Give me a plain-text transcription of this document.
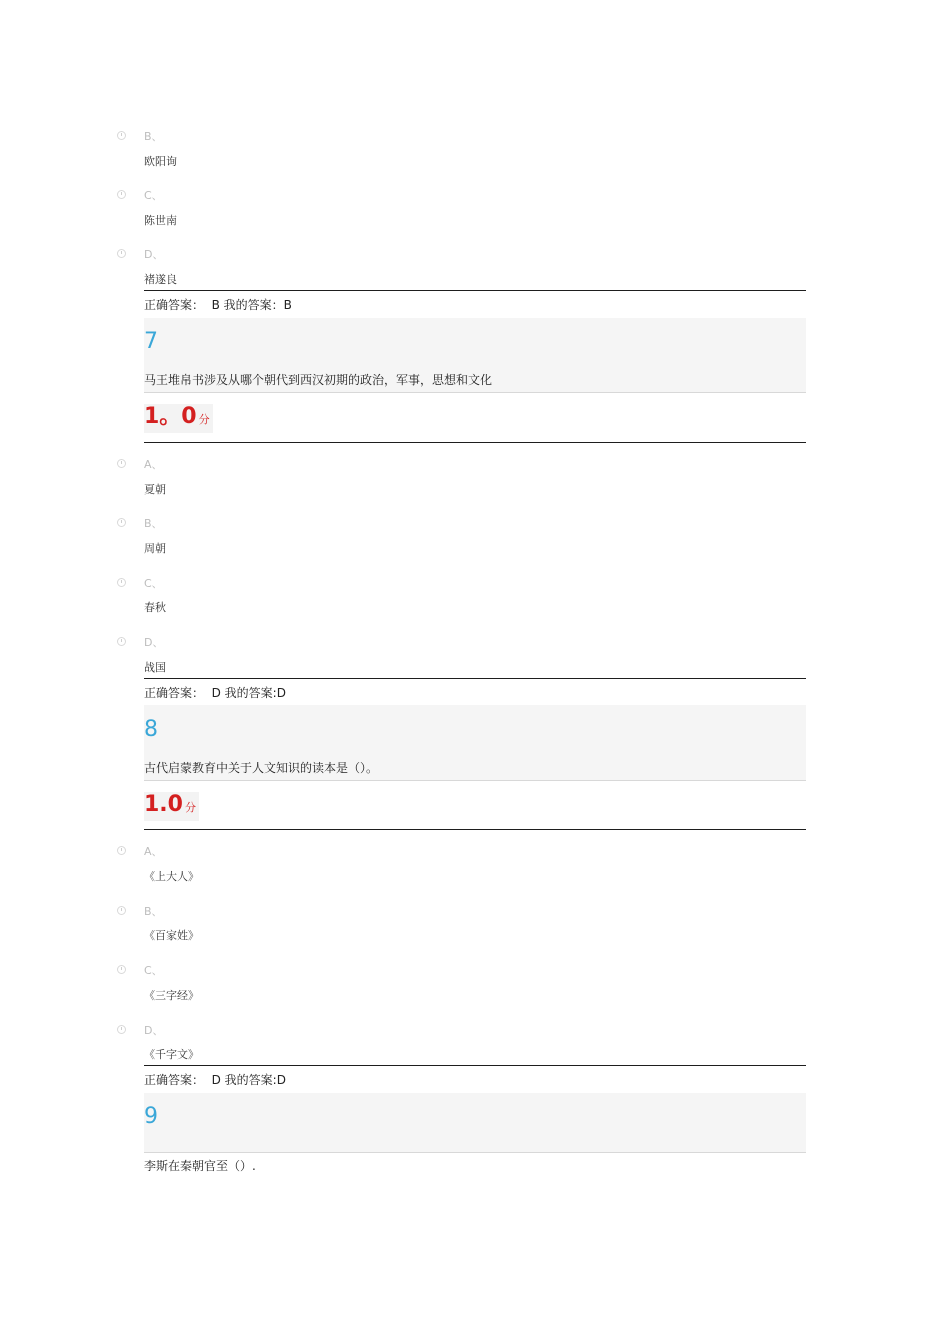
B、
欧阳询
C、
陈世南
D、
褚遂良
正确答案：  B 我的答案：B
7
马王堆帛书涉及从哪个朝代到西汉初期的政治，军事，思想和文化
1。0 分
A、
夏朝
B、
周朝
C、
春秋
D、
战国
正确答案：  D 我的答案:D
8
古代启蒙教育中关于人文知识的读本是（）。
1.0 分
A、
《上大人》
B、
《百家姓》
C、
《三字经》
D、
《千字文》
正确答案：  D 我的答案:D
9
李斯在秦朝官至（）.
